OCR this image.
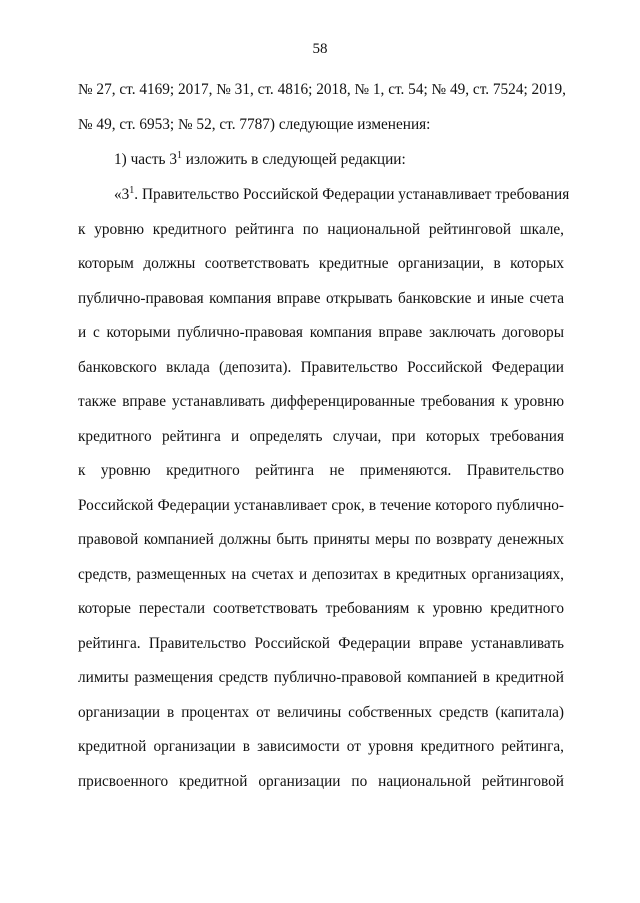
58
№ 27, ст. 4169; 2017, № 31, ст. 4816; 2018, № 1, ст. 54; № 49, ст. 7524; 2019,
№ 49, ст. 6953; № 52, ст. 7787) следующие изменения:
1) часть $3^1$ изложить в следующей редакции:
«$3^1$. Правительство Российской Федерации устанавливает требования
к уровню кредитного рейтинга по национальной рейтинговой шкале,
которым должны соответствовать кредитные организации, в которых
публично-правовая компания вправе открывать банковские и иные счета
и с которыми публично-правовая компания вправе заключать договоры
банковского вклада (депозита). Правительство Российской Федерации
также вправе устанавливать дифференцированные требования к уровню
кредитного рейтинга и определять случаи, при которых требования
к уровню кредитного рейтинга не применяются. Правительство
Российской Федерации устанавливает срок, в течение которого публично-
правовой компанией должны быть приняты меры по возврату денежных
средств, размещенных на счетах и депозитах в кредитных организациях,
которые перестали соответствовать требованиям к уровню кредитного
рейтинга. Правительство Российской Федерации вправе устанавливать
лимиты размещения средств публично-правовой компанией в кредитной
организации в процентах от величины собственных средств (капитала)
кредитной организации в зависимости от уровня кредитного рейтинга,
присвоенного кредитной организации по национальной рейтинговой
